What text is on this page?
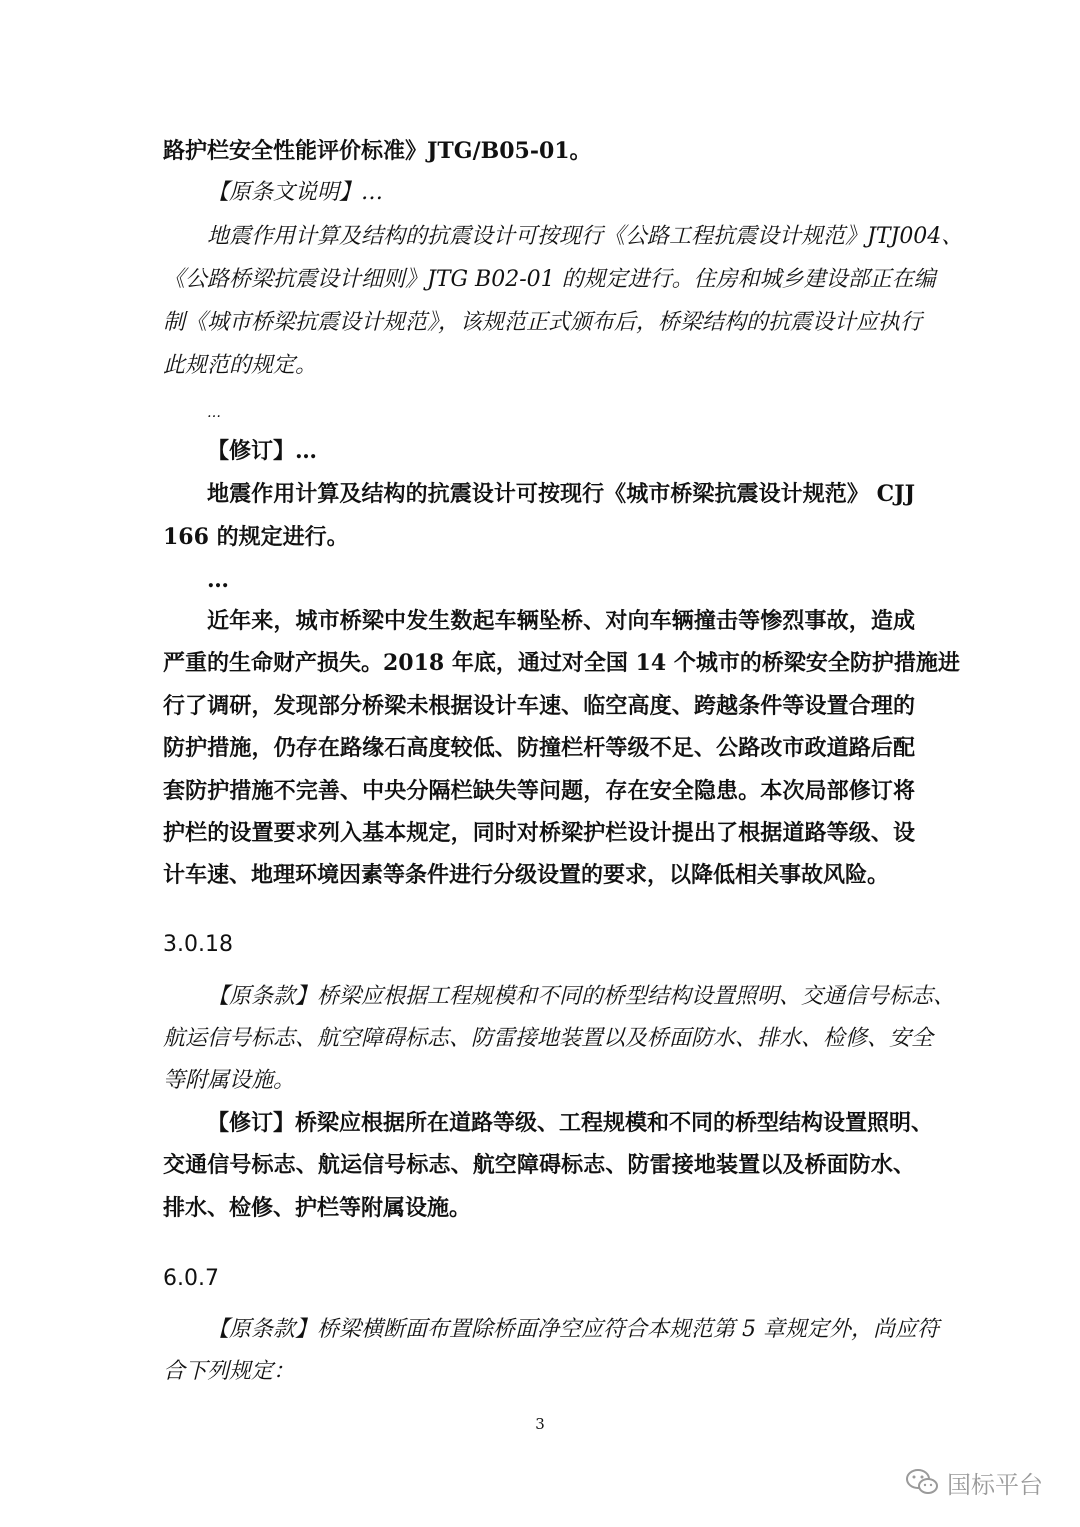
路护栏安全性能评价标准》JTG/B05-01。
【原条文说明】…
地震作用计算及结构的抗震设计可按现行《公路工程抗震设计规范》JTJ004、
《公路桥梁抗震设计细则》JTG B02-01 的规定进行。住房和城乡建设部正在编
制《城市桥梁抗震设计规范》，该规范正式颁布后，桥梁结构的抗震设计应执行
此规范的规定。
…
【修订】…
地震作用计算及结构的抗震设计可按现行《城市桥梁抗震设计规范》 CJJ
166 的规定进行。
…
近年来，城市桥梁中发生数起车辆坠桥、对向车辆撞击等惨烈事故，造成
严重的生命财产损失。2018 年底，通过对全国 14 个城市的桥梁安全防护措施进
行了调研，发现部分桥梁未根据设计车速、临空高度、跨越条件等设置合理的
防护措施，仍存在路缘石高度较低、防撞栏杆等级不足、公路改市政道路后配
套防护措施不完善、中央分隔栏缺失等问题，存在安全隐患。本次局部修订将
护栏的设置要求列入基本规定，同时对桥梁护栏设计提出了根据道路等级、设
计车速、地理环境因素等条件进行分级设置的要求，以降低相关事故风险。
3.0.18
【原条款】桥梁应根据工程规模和不同的桥型结构设置照明、交通信号标志、
航运信号标志、航空障碍标志、防雷接地装置以及桥面防水、排水、检修、安全
等附属设施。
【修订】桥梁应根据所在道路等级、工程规模和不同的桥型结构设置照明、
交通信号标志、航运信号标志、航空障碍标志、防雷接地装置以及桥面防水、
排水、检修、护栏等附属设施。
6.0.7
【原条款】桥梁横断面布置除桥面净空应符合本规范第 5 章规定外，尚应符
合下列规定：
3
国标平台
